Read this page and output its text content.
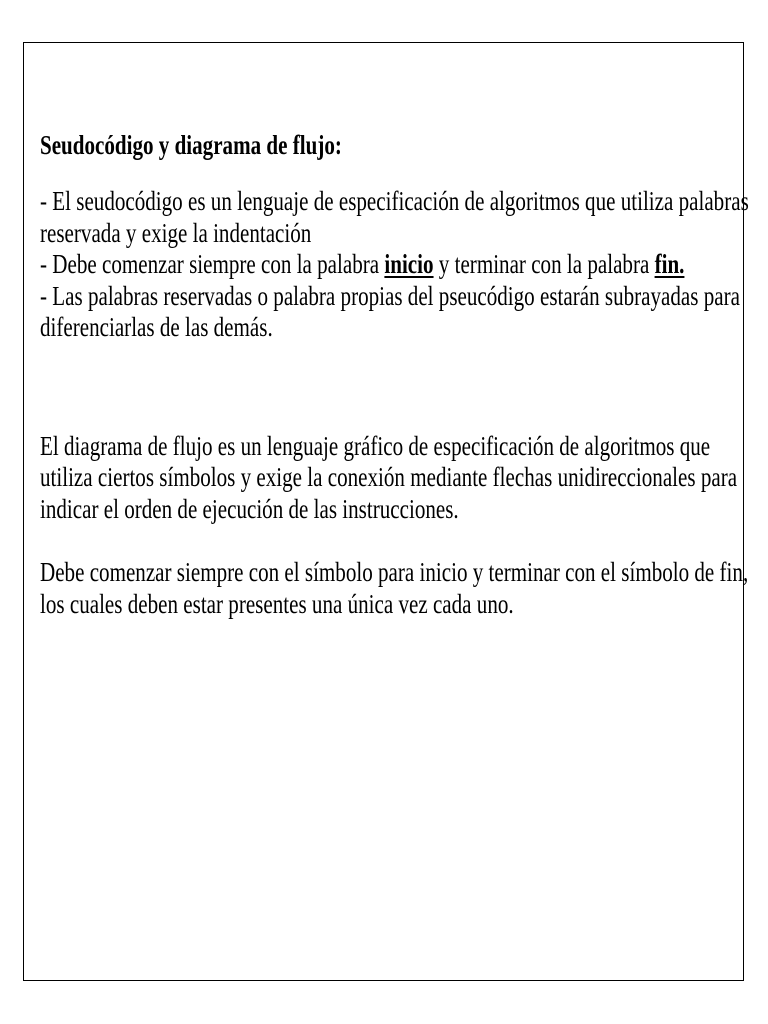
Seudocódigo y diagrama de flujo:
- El seudocódigo es un lenguaje de especificación de algoritmos que utiliza palabras
reservada y exige la indentación
- Debe comenzar siempre con la palabra inicio y terminar con la palabra fin.
- Las palabras reservadas o palabra propias del pseucódigo estarán subrayadas para
diferenciarlas de las demás.
El diagrama de flujo es un lenguaje gráfico de especificación de algoritmos que
utiliza ciertos símbolos y exige la conexión mediante flechas unidireccionales para
indicar el orden de ejecución de las instrucciones.
Debe comenzar siempre con el símbolo para inicio y terminar con el símbolo de fin,
los cuales deben estar presentes una única vez cada uno.
